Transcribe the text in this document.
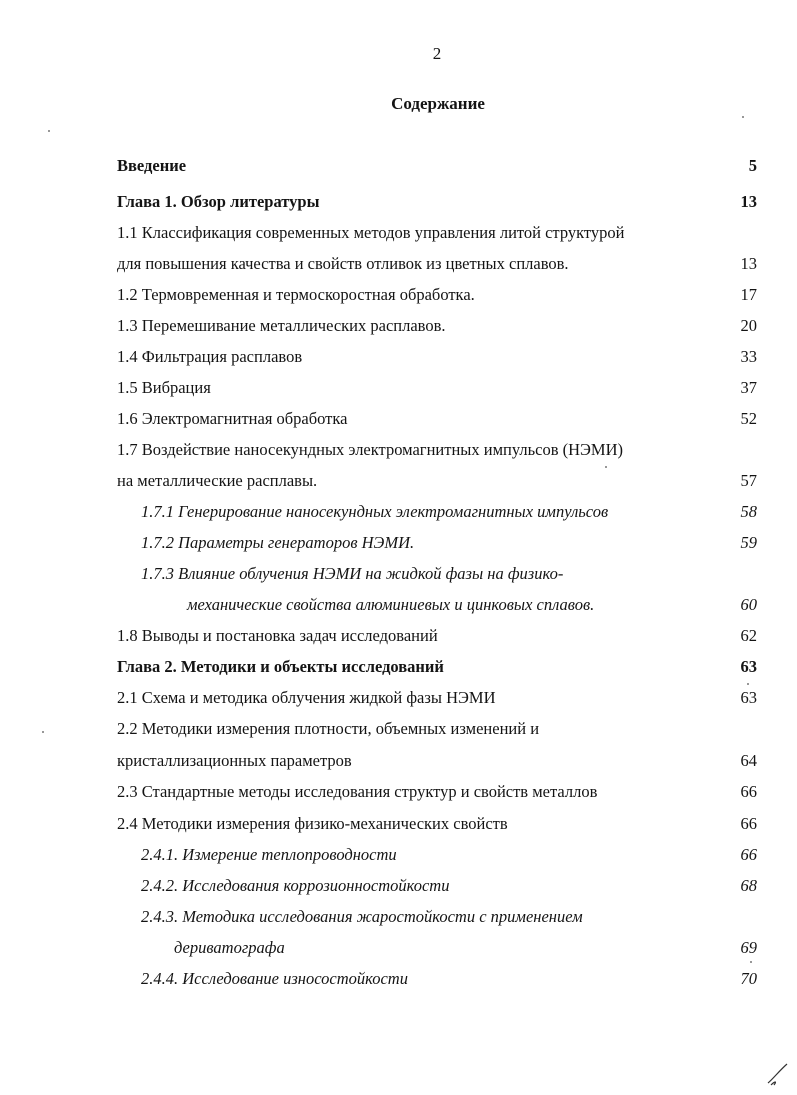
2
Содержание
Введение	5
Глава 1. Обзор литературы	13
1.1 Классификация современных методов управления литой структурой
для повышения качества и свойств отливок из цветных сплавов.	13
1.2 Термовременная и термоскоростная обработка.	17
1.3 Перемешивание металлических расплавов.	20
1.4 Фильтрация расплавов	33
1.5 Вибрация	37
1.6 Электромагнитная обработка	52
1.7 Воздействие наносекундных электромагнитных импульсов (НЭМИ)
на металлические расплавы.	57
1.7.1 Генерирование наносекундных электромагнитных импульсов	58
1.7.2 Параметры генераторов НЭМИ.	59
1.7.3 Влияние облучения НЭМИ на жидкой фазы на физико-
механические свойства алюминиевых и цинковых сплавов.	60
1.8 Выводы и постановка задач исследований	62
Глава 2. Методики и объекты исследований	63
2.1 Схема и методика облучения жидкой фазы НЭМИ	63
2.2 Методики измерения плотности, объемных изменений и
кристаллизационных параметров	64
2.3 Стандартные методы исследования структур и свойств металлов	66
2.4 Методики измерения физико-механических свойств	66
2.4.1. Измерение теплопроводности	66
2.4.2. Исследования коррозионностойкости	68
2.4.3. Методика исследования жаростойкости с применением
дериватографа	69
2.4.4. Исследование износостойкости	70
